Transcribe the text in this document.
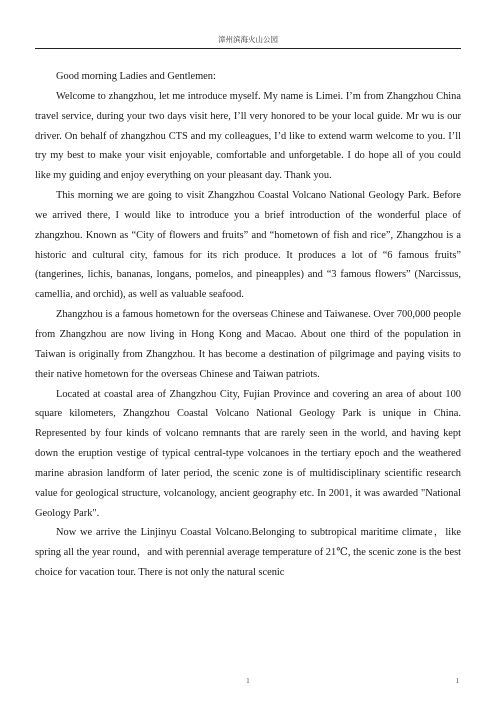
漳州滨海火山公园

Good morning Ladies and Gentlemen:

Welcome to zhangzhou, let me introduce myself. My name is Limei. I’m from Zhangzhou China travel service, during your two days visit here, I’ll very honored to be your local guide. Mr wu is our driver. On behalf of zhangzhou CTS and my colleagues, I’d like to extend warm welcome to you. I’ll try my best to make your visit enjoyable, comfortable and unforgetable. I do hope all of you could like my guiding and enjoy everything on your pleasant day. Thank you.

This morning we are going to visit Zhangzhou Coastal Volcano National Geology Park. Before we arrived there, I would like to introduce you a brief introduction of the wonderful place of zhangzhou. Known as “City of flowers and fruits” and “hometown of fish and rice”, Zhangzhou is a historic and cultural city, famous for its rich produce. It produces a lot of “6 famous fruits” (tangerines, lichis, bananas, longans, pomelos, and pineapples) and “3 famous flowers” (Narcissus, camellia, and orchid), as well as valuable seafood.

Zhangzhou is a famous hometown for the overseas Chinese and Taiwanese. Over 700,000 people from Zhangzhou are now living in Hong Kong and Macao. About one third of the population in Taiwan is originally from Zhangzhou. It has become a destination of pilgrimage and paying visits to their native hometown for the overseas Chinese and Taiwan patriots.

Located at coastal area of Zhangzhou City, Fujian Province and covering an area of about 100 square kilometers, Zhangzhou Coastal Volcano National Geology Park is unique in China. Represented by four kinds of volcano remnants that are rarely seen in the world, and having kept down the eruption vestige of typical central-type volcanoes in the tertiary epoch and the weathered marine abrasion landform of later period, the scenic zone is of multidisciplinary scientific research value for geological structure, volcanology, ancient geography etc. In 2001, it was awarded "National Geology Park".

Now we arrive the Linjinyu Coastal Volcano.Belonging to subtropical maritime climate，like spring all the year round，and with perennial average temperature of 21℃, the scenic zone is the best choice for vacation tour. There is not only the natural scenic

1	1
